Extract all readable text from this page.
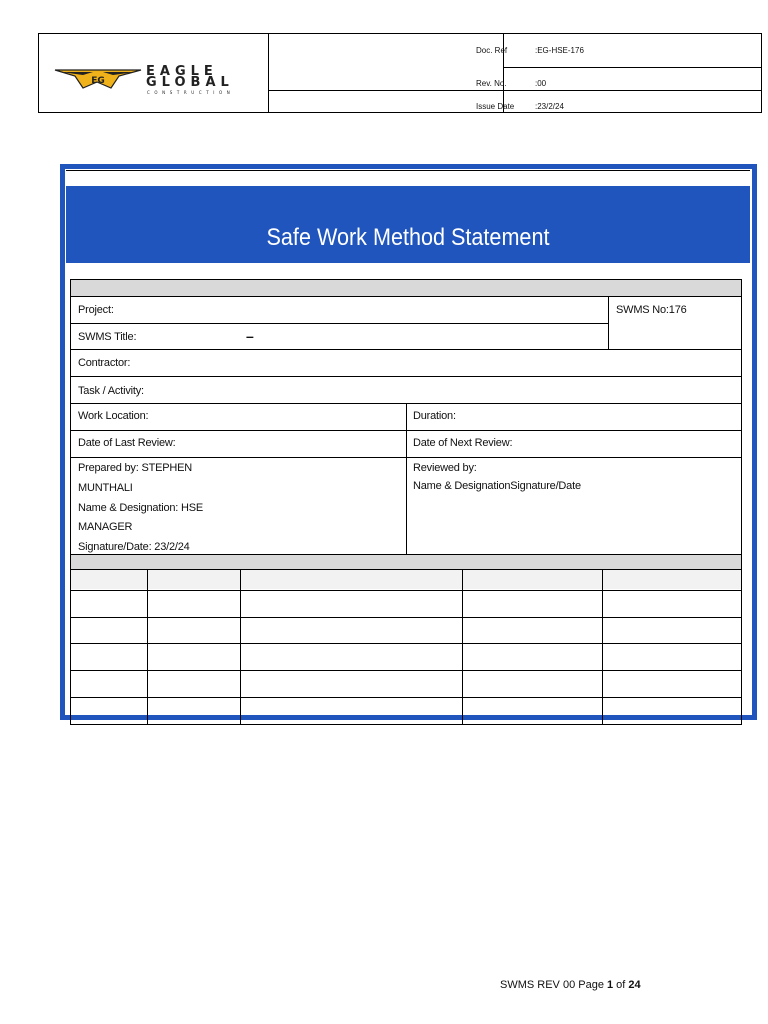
EG
EAGLE
GLOBAL
CONSTRUCTION
Doc. Ref	:EG-HSE-176
Rev. No.	:00
Issue Date	:23/2/24
Safe Work Method Statement
Project:	SWMS No:176
SWMS Title:	–
Contractor:
Task / Activity:
Work Location:	Duration:
Date of Last Review:	Date of Next Review:
Prepared by: STEPHEN
MUNTHALI
Name & Designation: HSE
MANAGER
Signature/Date: 23/2/24
Reviewed by:
Name & DesignationSignature/Date
SWMS REV 00 Page 1 of 24
